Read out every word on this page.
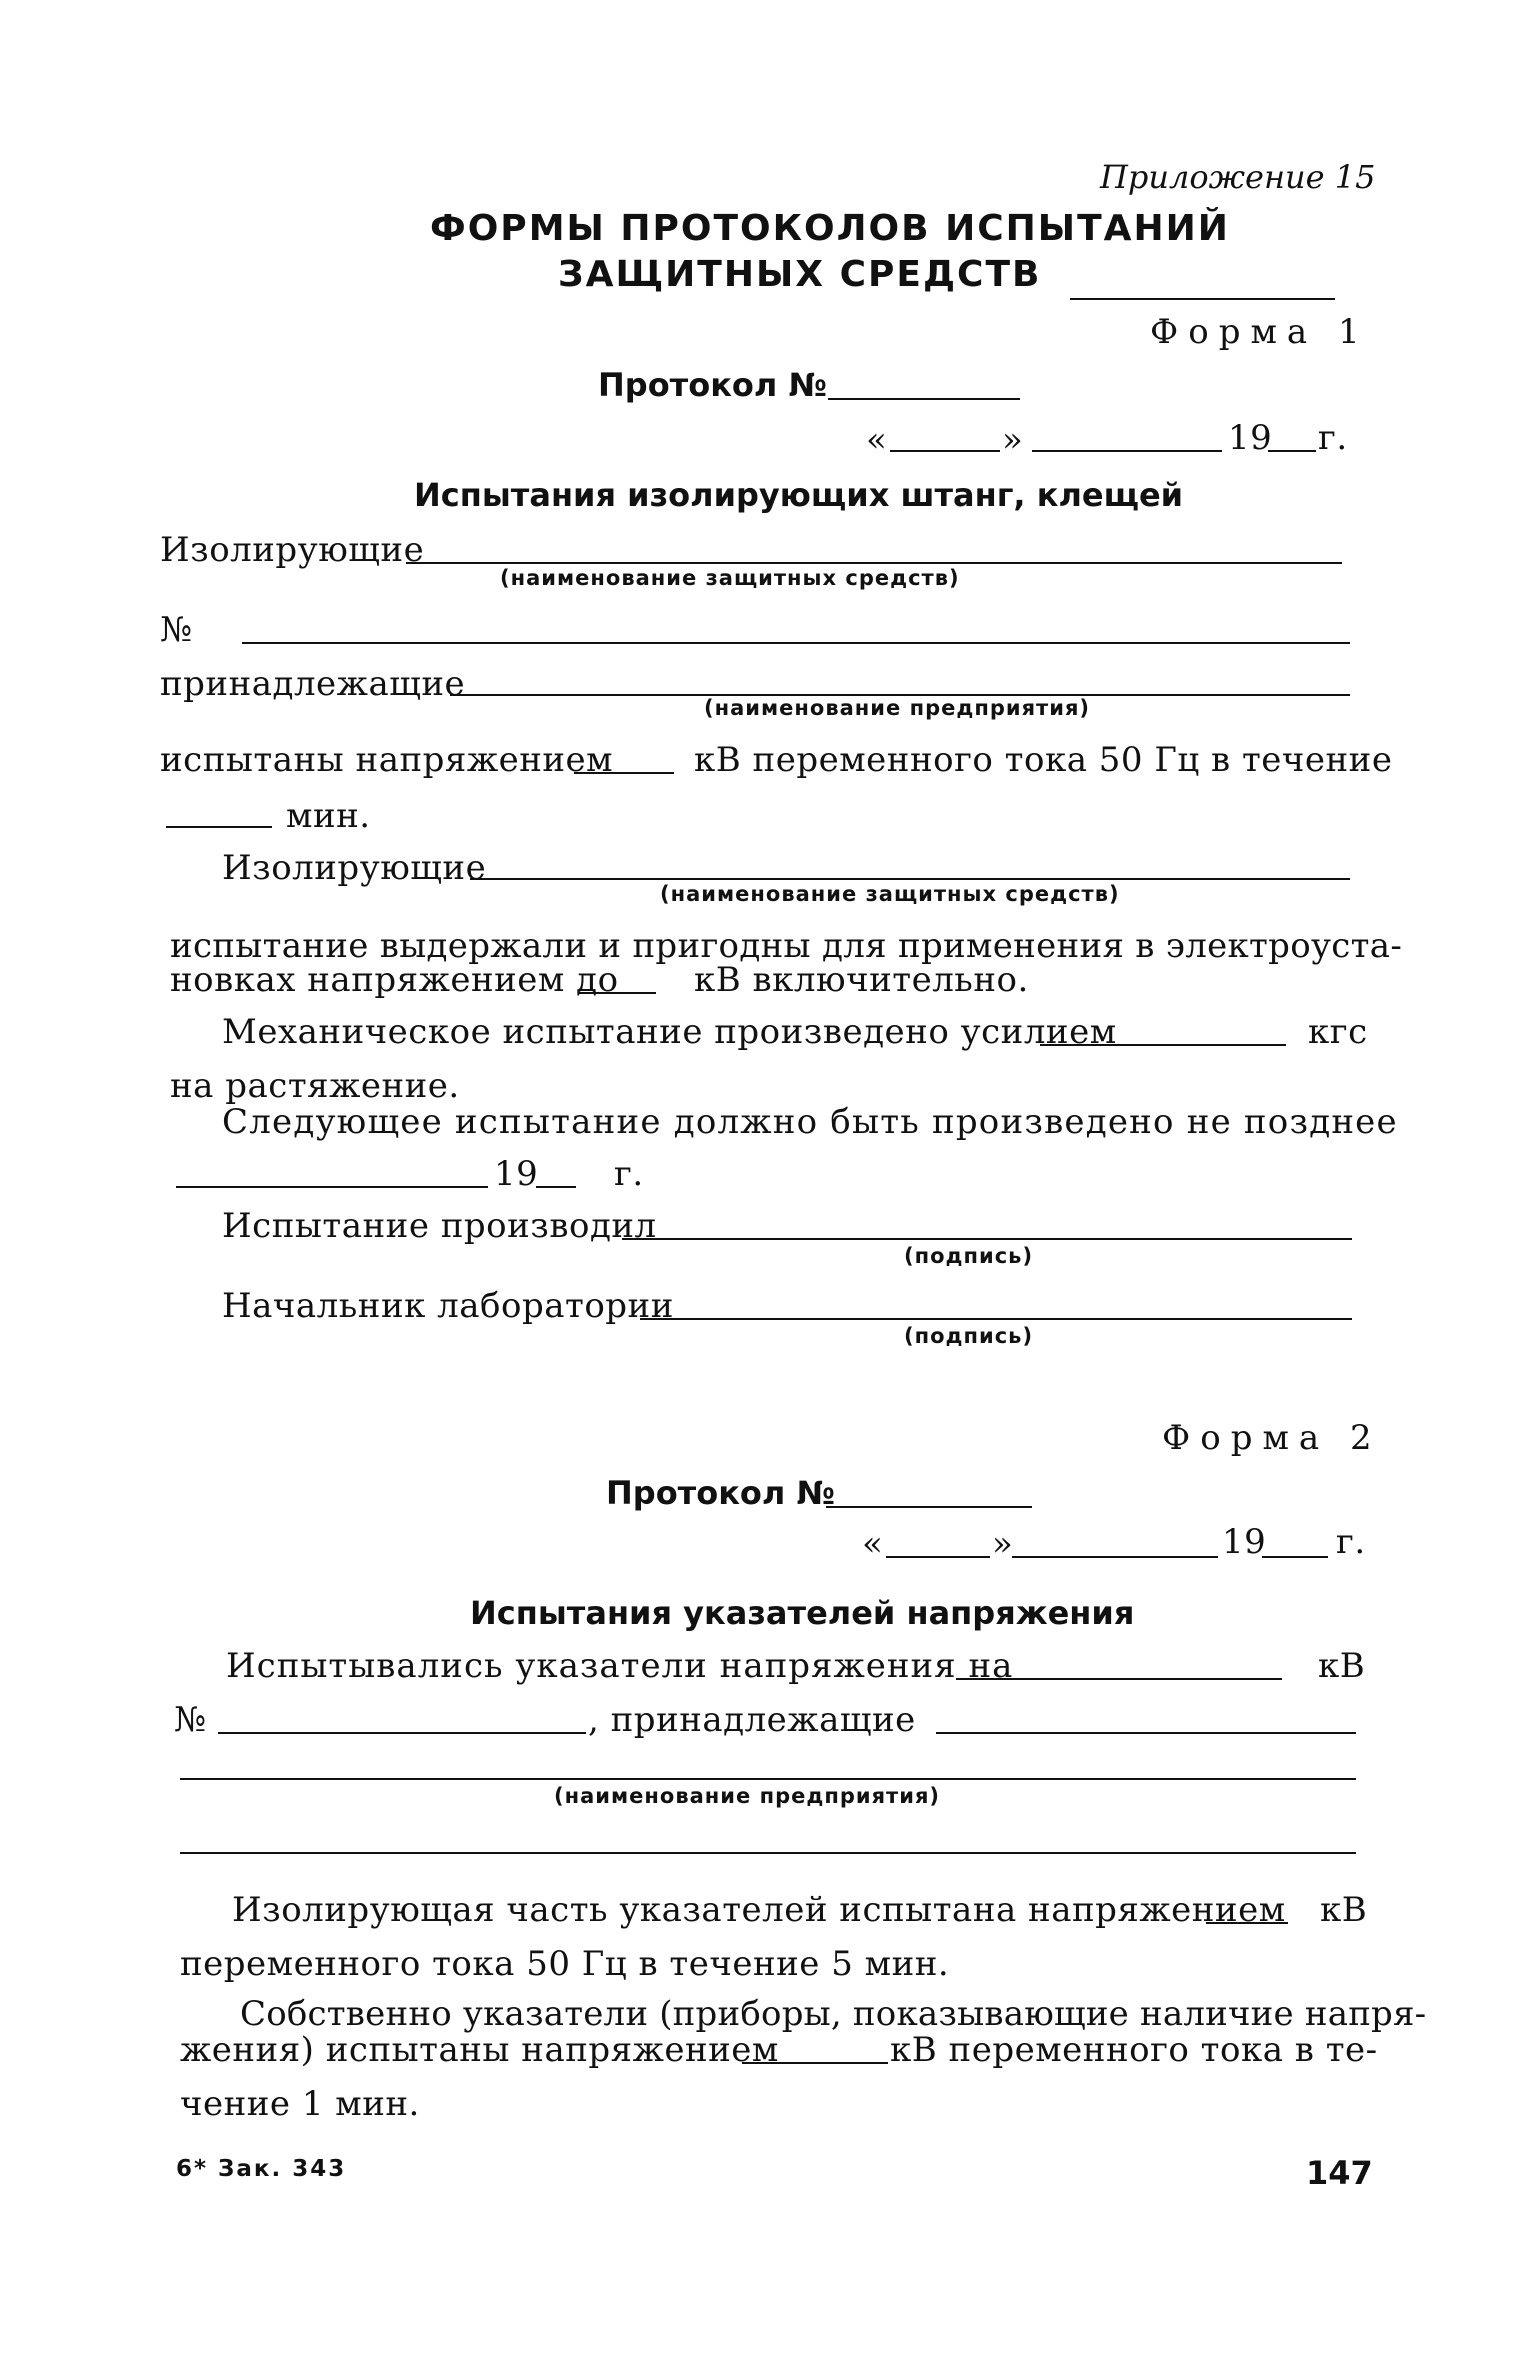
Приложение 15
ФОРМЫ ПРОТОКОЛОВ ИСПЫТАНИЙ
ЗАЩИТНЫХ СРЕДСТВ
Форма 1
Протокол №
«	»	19 г.
Испытания изолирующих штанг, клещей
Изолирующие
(наименование защитных средств)
№
принадлежащие
(наименование предприятия)
испытаны напряжением кВ переменного тока 50 Гц в течение
мин.
Изолирующие
(наименование защитных средств)
испытание выдержали и пригодны для применения в электроуста-
новках напряжением до кВ включительно.
Механическое испытание произведено усилием	кгс
на растяжение.
Следующее испытание должно быть произведено не позднее
19 г.
Испытание производил
(подпись)
Начальник лаборатории
(подпись)
Форма 2
Протокол №
«	»	19 г.
Испытания указателей напряжения
Испытывались указатели напряжения на	кВ
№	, принадлежащие
(наименование предприятия)
Изолирующая часть указателей испытана напряжением кВ
переменного тока 50 Гц в течение 5 мин.
Собственно указатели (приборы, показывающие наличие напря-
жения) испытаны напряжением	кВ переменного тока в те-
чение 1 мин.
6* Зак. 343	147
